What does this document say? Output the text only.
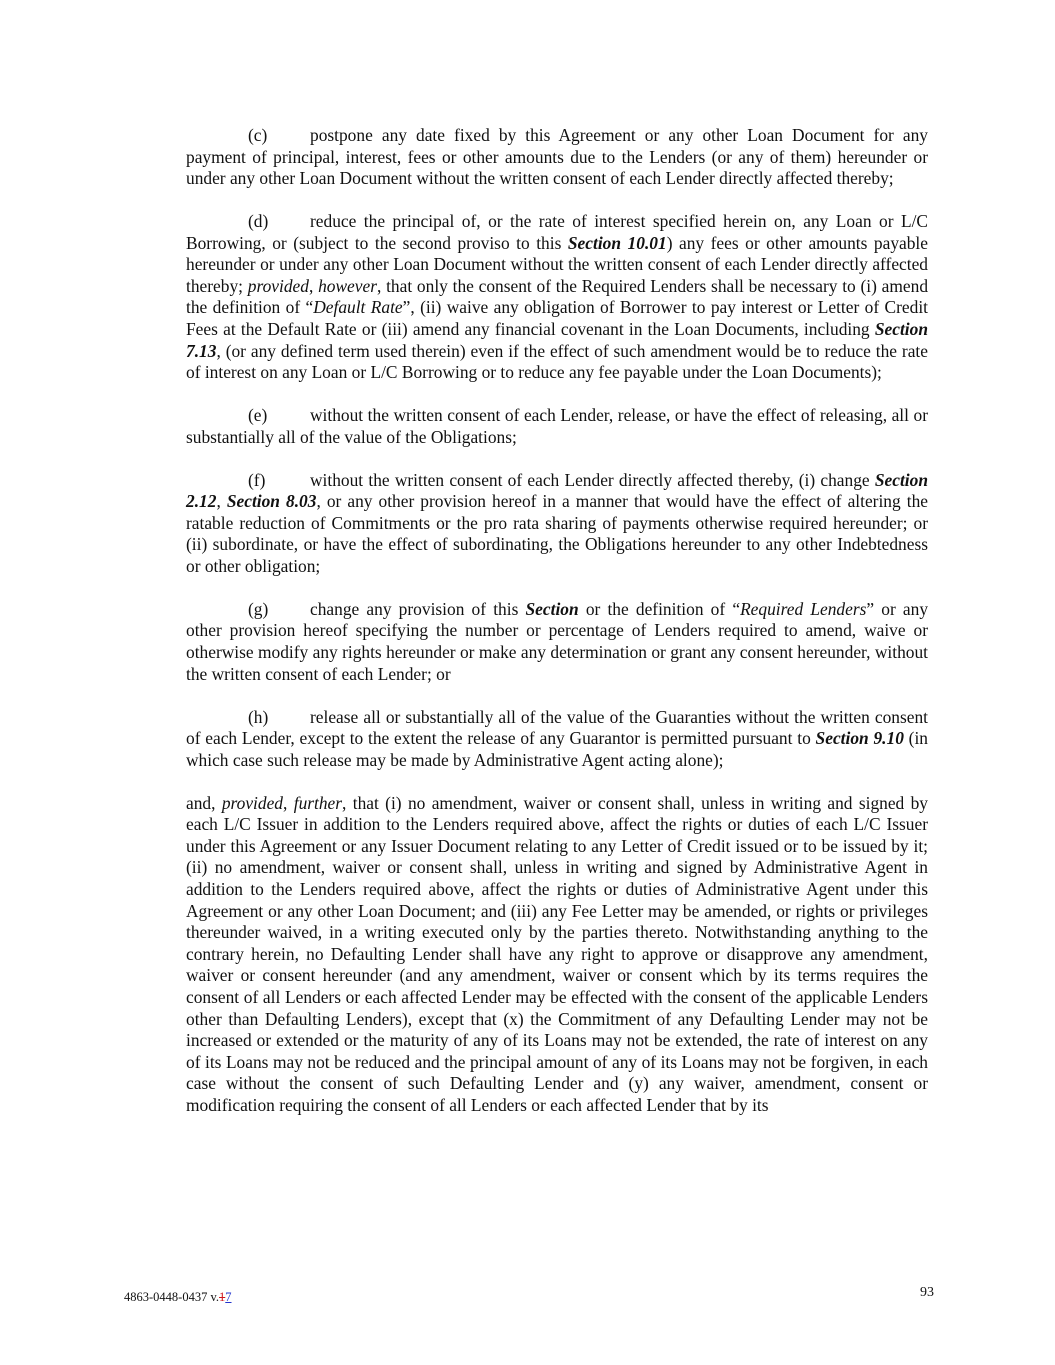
(c) postpone any date fixed by this Agreement or any other Loan Document for any payment of principal, interest, fees or other amounts due to the Lenders (or any of them) hereunder or under any other Loan Document without the written consent of each Lender directly affected thereby;

(d) reduce the principal of, or the rate of interest specified herein on, any Loan or L/C Borrowing, or (subject to the second proviso to this Section 10.01) any fees or other amounts payable hereunder or under any other Loan Document without the written consent of each Lender directly affected thereby; provided, however, that only the consent of the Required Lenders shall be necessary to (i) amend the definition of “Default Rate”, (ii) waive any obligation of Borrower to pay interest or Letter of Credit Fees at the Default Rate or (iii) amend any financial covenant in the Loan Documents, including Section 7.13, (or any defined term used therein) even if the effect of such amendment would be to reduce the rate of interest on any Loan or L/C Borrowing or to reduce any fee payable under the Loan Documents);

(e) without the written consent of each Lender, release, or have the effect of releasing, all or substantially all of the value of the Obligations;

(f)	without the written consent of each Lender directly affected thereby, (i) change Section 2.12, Section 8.03, or any other provision hereof in a manner that would have the effect of altering the ratable reduction of Commitments or the pro rata sharing of payments otherwise required hereunder; or (ii) subordinate, or have the effect of subordinating, the Obligations hereunder to any other Indebtedness or other obligation;

(g) change any provision of this Section or the definition of “Required Lenders” or any other provision hereof specifying the number or percentage of Lenders required to amend, waive or otherwise modify any rights hereunder or make any determination or grant any consent hereunder, without the written consent of each Lender; or

(h) release all or substantially all of the value of the Guaranties without the written consent of each Lender, except to the extent the release of any Guarantor is permitted pursuant to Section 9.10 (in which case such release may be made by Administrative Agent acting alone);

and, provided, further, that (i) no amendment, waiver or consent shall, unless in writing and signed by each L/C Issuer in addition to the Lenders required above, affect the rights or duties of each L/C Issuer under this Agreement or any Issuer Document relating to any Letter of Credit issued or to be issued by it; (ii) no amendment, waiver or consent shall, unless in writing and signed by Administrative Agent in addition to the Lenders required above, affect the rights or duties of Administrative Agent under this Agreement or any other Loan Document; and (iii) any Fee Letter may be amended, or rights or privileges thereunder waived, in a writing executed only by the parties thereto. Notwithstanding anything to the contrary herein, no Defaulting Lender shall have any right to approve or disapprove any amendment, waiver or consent hereunder (and any amendment, waiver or consent which by its terms requires the consent of all Lenders or each affected Lender may be effected with the consent of the applicable Lenders other than Defaulting Lenders), except that (x) the Commitment of any Defaulting Lender may not be increased or extended or the maturity of any of its Loans may not be extended, the rate of interest on any of its Loans may not be reduced and the principal amount of any of its Loans may not be forgiven, in each case without the consent of such Defaulting Lender and (y) any waiver, amendment, consent or modification requiring the consent of all Lenders or each affected Lender that by its

4863-0448-0437 v.17	93
